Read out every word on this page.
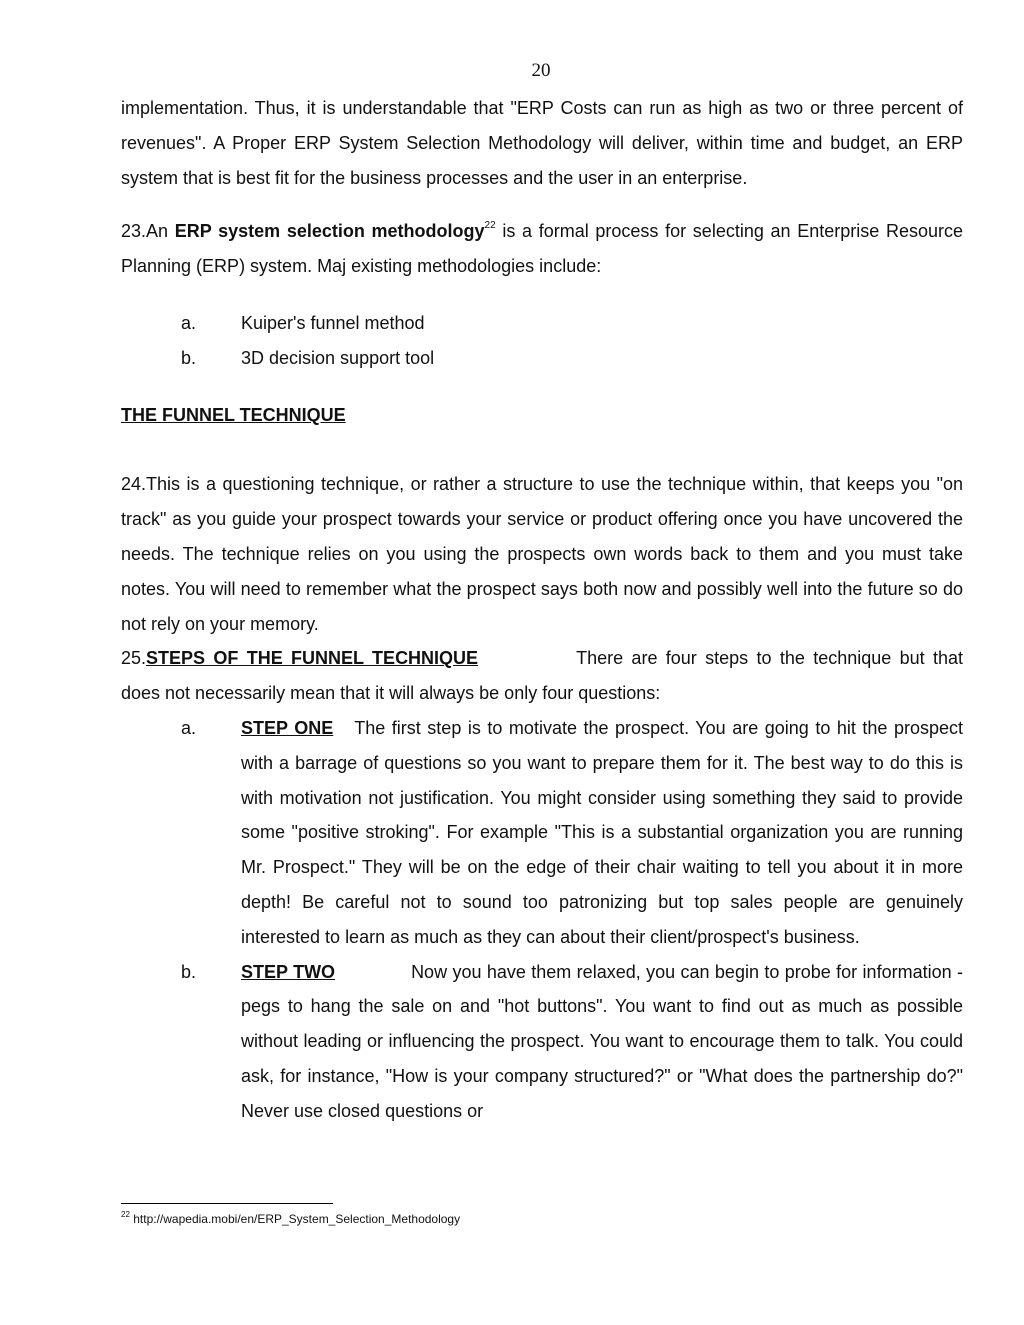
20

implementation. Thus, it is understandable that "ERP Costs can run as high as two or three percent of revenues". A Proper ERP System Selection Methodology will deliver, within time and budget, an ERP system that is best fit for the business processes and the user in an enterprise.

23.An ERP system selection methodology$^{22}$ is a formal process for selecting an Enterprise Resource Planning (ERP) system. Maj existing methodologies include:

a.	Kuiper's funnel method
b.	3D decision support tool

THE FUNNEL TECHNIQUE

24.This is a questioning technique, or rather a structure to use the technique within, that keeps you "on track" as you guide your prospect towards your service or product offering once you have uncovered the needs. The technique relies on you using the prospects own words back to them and you must take notes. You will need to remember what the prospect says both now and possibly well into the future so do not rely on your memory.

25.STEPS OF THE FUNNEL TECHNIQUE	There are four steps to the technique but that does not necessarily mean that it will always be only four questions:

a.	STEP ONE The first step is to motivate the prospect. You are going to hit the prospect with a barrage of questions so you want to prepare them for it. The best way to do this is with motivation not justification. You might consider using something they said to provide some "positive stroking". For example "This is a substantial organization you are running Mr. Prospect." They will be on the edge of their chair waiting to tell you about it in more depth! Be careful not to sound too patronizing but top sales people are genuinely interested to learn as much as they can about their client/prospect's business.
b.	STEP TWO	Now you have them relaxed, you can begin to probe for information - pegs to hang the sale on and "hot buttons". You want to find out as much as possible without leading or influencing the prospect. You want to encourage them to talk. You could ask, for instance, "How is your company structured?" or "What does the partnership do?" Never use closed questions or
$^{22}$ http://wapedia.mobi/en/ERP_System_Selection_Methodology
